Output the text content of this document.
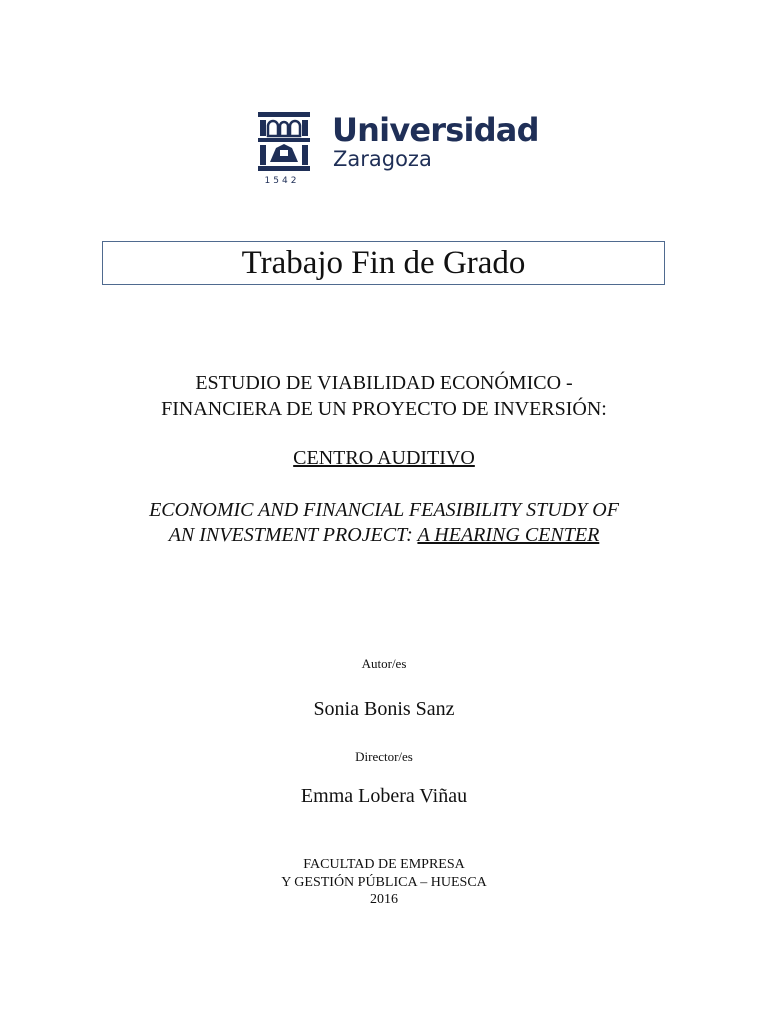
Universidad
Zaragoza
1542
Trabajo Fin de Grado
ESTUDIO DE VIABILIDAD ECONÓMICO -
FINANCIERA DE UN PROYECTO DE INVERSIÓN:
CENTRO AUDITIVO
ECONOMIC AND FINANCIAL FEASIBILITY STUDY OF
AN INVESTMENT PROJECT: A HEARING CENTER
Autor/es
Sonia Bonis Sanz
Director/es
Emma Lobera Viñau
FACULTAD DE EMPRESA
Y GESTIÓN PÚBLICA – HUESCA
2016
